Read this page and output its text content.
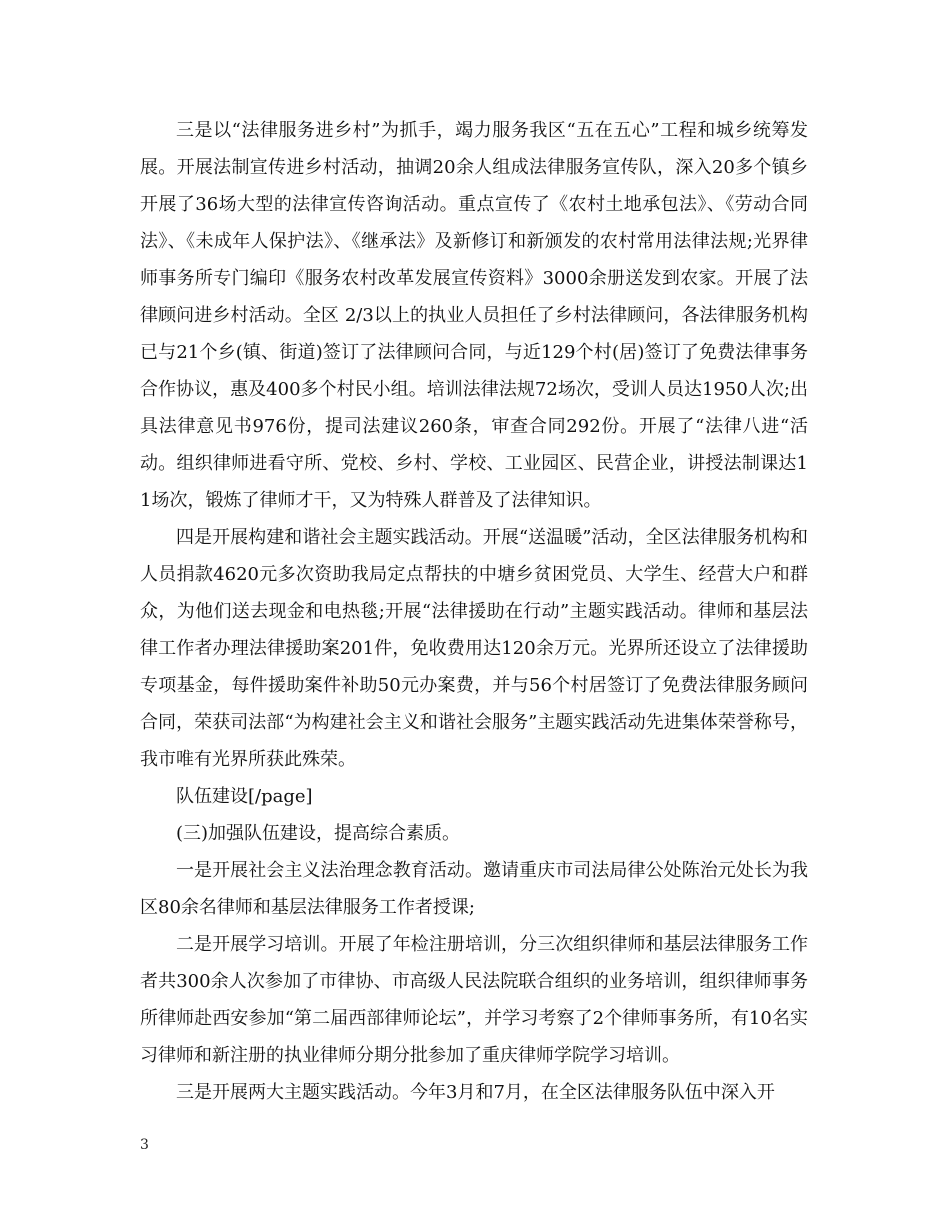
三是以“法律服务进乡村”为抓手，竭力服务我区“五在五心”工程和城乡统筹发展。开展法制宣传进乡村活动，抽调20余人组成法律服务宣传队，深入20多个镇乡开展了36场大型的法律宣传咨询活动。重点宣传了《农村土地承包法》、《劳动合同法》、《未成年人保护法》、《继承法》及新修订和新颁发的农村常用法律法规;光界律师事务所专门编印《服务农村改革发展宣传资料》3000余册送发到农家。开展了法律顾问进乡村活动。全区 2/3以上的执业人员担任了乡村法律顾问，各法律服务机构已与21个乡(镇、街道)签订了法律顾问合同，与近129个村(居)签订了免费法律事务合作协议，惠及400多个村民小组。培训法律法规72场次，受训人员达1950人次;出具法律意见书976份，提司法建议260条，审查合同292份。开展了“法律八进“活动。组织律师进看守所、党校、乡村、学校、工业园区、民营企业，讲授法制课达11场次，锻炼了律师才干，又为特殊人群普及了法律知识。

四是开展构建和谐社会主题实践活动。开展“送温暖”活动，全区法律服务机构和人员捐款4620元多次资助我局定点帮扶的中塘乡贫困党员、大学生、经营大户和群众，为他们送去现金和电热毯;开展“法律援助在行动”主题实践活动。律师和基层法律工作者办理法律援助案201件，免收费用达120余万元。光界所还设立了法律援助专项基金，每件援助案件补助50元办案费，并与56个村居签订了免费法律服务顾问合同，荣获司法部“为构建社会主义和谐社会服务”主题实践活动先进集体荣誉称号，我市唯有光界所获此殊荣。

队伍建设[/page]

(三)加强队伍建设，提高综合素质。

一是开展社会主义法治理念教育活动。邀请重庆市司法局律公处陈治元处长为我区80余名律师和基层法律服务工作者授课;

二是开展学习培训。开展了年检注册培训，分三次组织律师和基层法律服务工作者共300余人次参加了市律协、市高级人民法院联合组织的业务培训，组织律师事务所律师赴西安参加“第二届西部律师论坛”，并学习考察了2个律师事务所，有10名实习律师和新注册的执业律师分期分批参加了重庆律师学院学习培训。

三是开展两大主题实践活动。今年3月和7月，在全区法律服务队伍中深入开

3
